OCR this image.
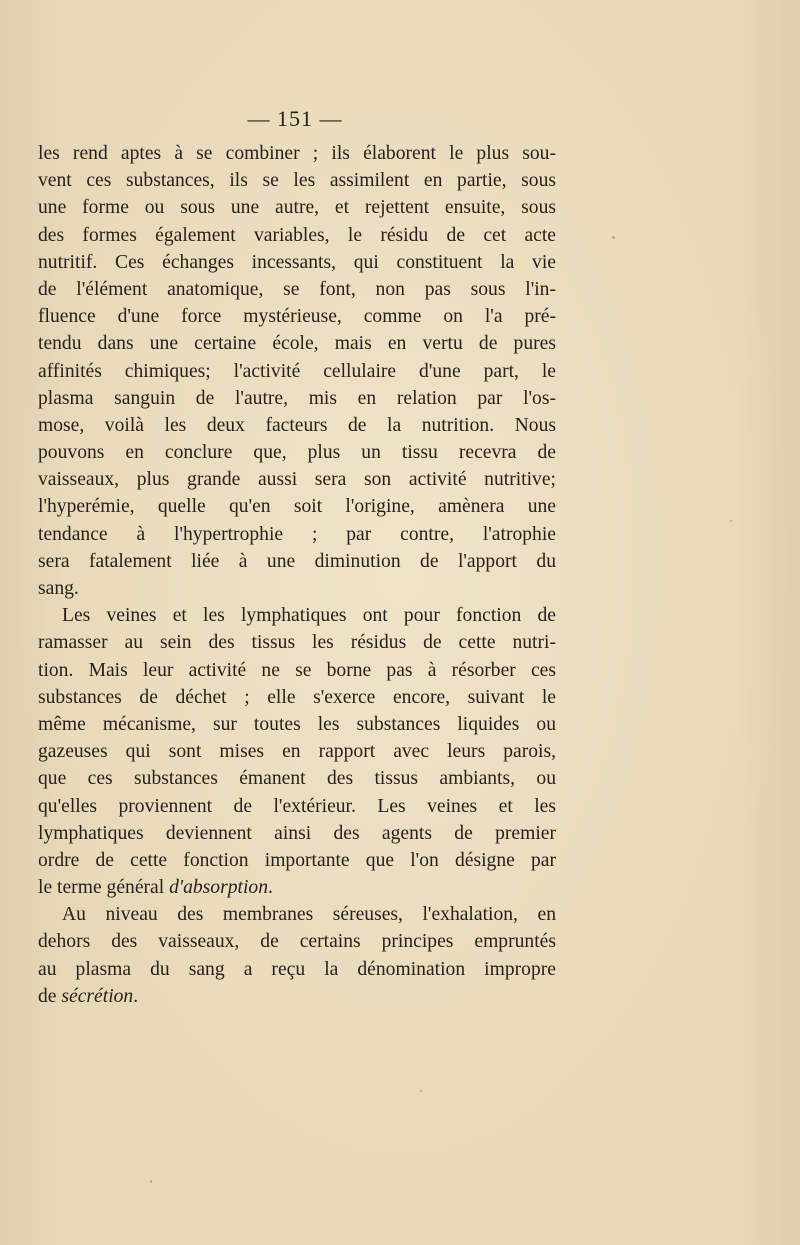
— 151 —
les rend aptes à se combiner ; ils élaborent le plus sou-
vent ces substances, ils se les assimilent en partie, sous
une forme ou sous une autre, et rejettent ensuite, sous
des formes également variables, le résidu de cet acte
nutritif. Ces échanges incessants, qui constituent la vie
de l'élément anatomique, se font, non pas sous l'in-
fluence d'une force mystérieuse, comme on l'a pré-
tendu dans une certaine école, mais en vertu de pures
affinités chimiques; l'activité cellulaire d'une part, le
plasma sanguin de l'autre, mis en relation par l'os-
mose, voilà les deux facteurs de la nutrition. Nous
pouvons en conclure que, plus un tissu recevra de
vaisseaux, plus grande aussi sera son activité nutritive;
l'hyperémie, quelle qu'en soit l'origine, amènera une
tendance à l'hypertrophie ; par contre, l'atrophie
sera fatalement liée à une diminution de l'apport du
sang.
Les veines et les lymphatiques ont pour fonction de
ramasser au sein des tissus les résidus de cette nutri-
tion. Mais leur activité ne se borne pas à résorber ces
substances de déchet ; elle s'exerce encore, suivant le
même mécanisme, sur toutes les substances liquides ou
gazeuses qui sont mises en rapport avec leurs parois,
que ces substances émanent des tissus ambiants, ou
qu'elles proviennent de l'extérieur. Les veines et les
lymphatiques deviennent ainsi des agents de premier
ordre de cette fonction importante que l'on désigne par
le terme général d'absorption.
Au niveau des membranes séreuses, l'exhalation, en
dehors des vaisseaux, de certains principes empruntés
au plasma du sang a reçu la dénomination impropre
de sécrétion.
